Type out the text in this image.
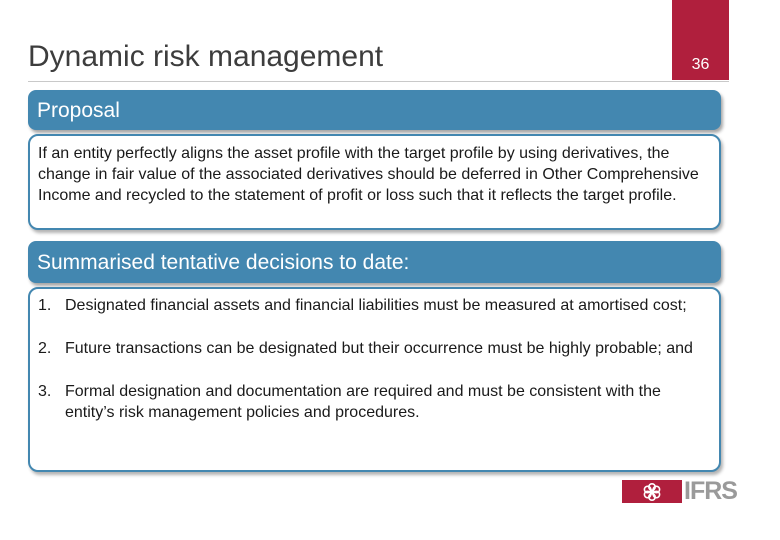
Dynamic risk management	36
Proposal

If an entity perfectly aligns the asset profile with the target profile by using derivatives, the change in fair value of the associated derivatives should be deferred in Other Comprehensive Income and recycled to the statement of profit or loss such that it reflects the target profile.

Summarised tentative decisions to date:
1. Designated financial assets and financial liabilities must be measured at amortised cost;
2. Future transactions can be designated but their occurrence must be highly probable; and
3. Formal designation and documentation are required and must be consistent with the entity’s risk management policies and procedures.
IFRS
